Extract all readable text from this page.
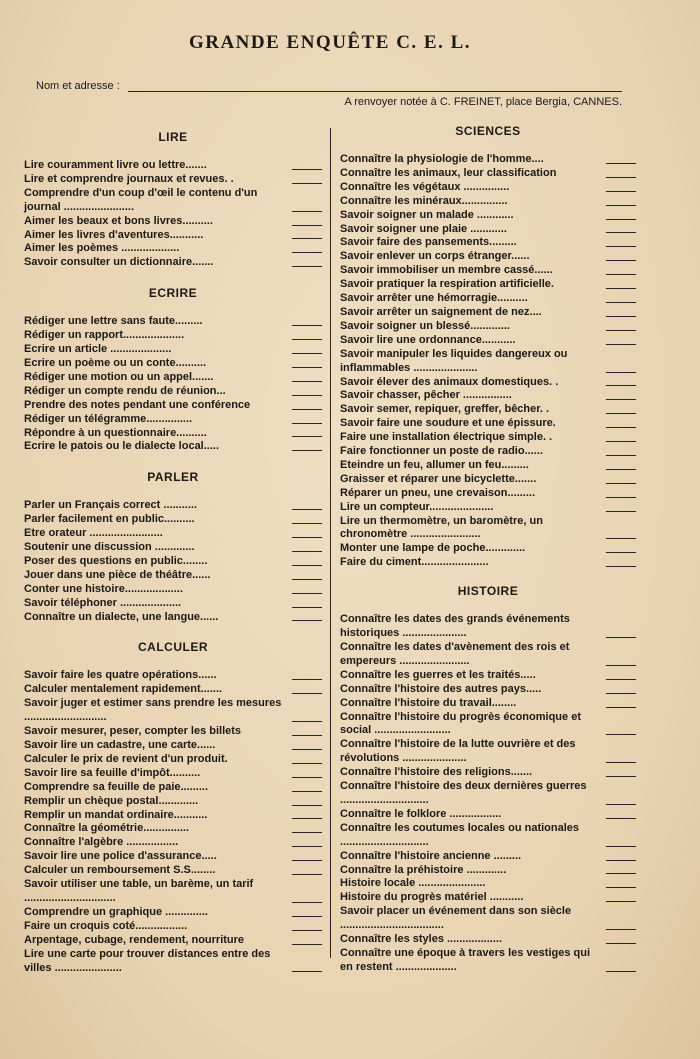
GRANDE ENQUÊTE C. E. L.
Nom et adresse :
A renvoyer notée à C. FREINET, place Bergia, CANNES.
LIRE
Lire couramment livre ou lettre.......
Lire et comprendre journaux et revues. .
Comprendre d'un coup d'œil le contenu d'un journal .......................
Aimer les beaux et bons livres..........
Aimer les livres d'aventures...........
Aimer les poèmes ...................
Savoir consulter un dictionnaire.......
ECRIRE
Rédiger une lettre sans faute.........
Rédiger un rapport....................
Ecrire un article ....................
Ecrire un poème ou un conte..........
Rédiger une motion ou un appel.......
Rédiger un compte rendu de réunion...
Prendre des notes pendant une conférence
Rédiger un télégramme...............
Répondre à un questionnaire..........
Ecrire le patois ou le dialecte local.....
PARLER
Parler un Français correct ...........
Parler facilement en public..........
Etre orateur ........................
Soutenir une discussion .............
Poser des questions en public........
Jouer dans une pièce de théâtre......
Conter une histoire...................
Savoir téléphoner ....................
Connaître un dialecte, une langue......
CALCULER
Savoir faire les quatre opérations......
Calculer mentalement rapidement.......
Savoir juger et estimer sans prendre les mesures ...........................
Savoir mesurer, peser, compter les billets
Savoir lire un cadastre, une carte......
Calculer le prix de revient d'un produit.
Savoir lire sa feuille d'impôt..........
Comprendre sa feuille de paie.........
Remplir un chèque postal.............
Remplir un mandat ordinaire...........
Connaître la géométrie...............
Connaître l'algèbre .................
Savoir lire une police d'assurance.....
Calculer un remboursement S.S........
Savoir utiliser une table, un barème, un tarif ..............................
Comprendre un graphique ..............
Faire un croquis coté.................
Arpentage, cubage, rendement, nourriture
Lire une carte pour trouver distances entre des villes ......................
SCIENCES
Connaître la physiologie de l'homme....
Connaître les animaux, leur classification
Connaître les végétaux ...............
Connaître les minéraux...............
Savoir soigner un malade ............
Savoir soigner une plaie ............
Savoir faire des pansements.........
Savoir enlever un corps étranger......
Savoir immobiliser un membre cassé......
Savoir pratiquer la respiration artificielle.
Savoir arrêter une hémorragie..........
Savoir arrêter un saignement de nez....
Savoir soigner un blessé.............
Savoir lire une ordonnance...........
Savoir manipuler les liquides dangereux ou inflammables .....................
Savoir élever des animaux domestiques. .
Savoir chasser, pêcher ................
Savoir semer, repiquer, greffer, bêcher. .
Savoir faire une soudure et une épissure.
Faire une installation électrique simple. .
Faire fonctionner un poste de radio......
Eteindre un feu, allumer un feu.........
Graisser et réparer une bicyclette.......
Réparer un pneu, une crevaison.........
Lire un compteur.....................
Lire un thermomètre, un baromètre, un chronomètre .......................
Monter une lampe de poche.............
Faire du ciment......................
HISTOIRE
Connaître les dates des grands événements historiques .....................
Connaître les dates d'avènement des rois et empereurs .......................
Connaître les guerres et les traités.....
Connaître l'histoire des autres pays.....
Connaître l'histoire du travail........
Connaître l'histoire du progrès économique et social .........................
Connaître l'histoire de la lutte ouvrière et des révolutions .....................
Connaître l'histoire des religions.......
Connaître l'histoire des deux dernières guerres .............................
Connaître le folklore .................
Connaître les coutumes locales ou nationales .............................
Connaître l'histoire ancienne .........
Connaître la préhistoire .............
Histoire locale ......................
Histoire du progrès matériel ...........
Savoir placer un événement dans son siècle ..................................
Connaître les styles ..................
Connaître une époque à travers les vestiges qui en restent ....................
